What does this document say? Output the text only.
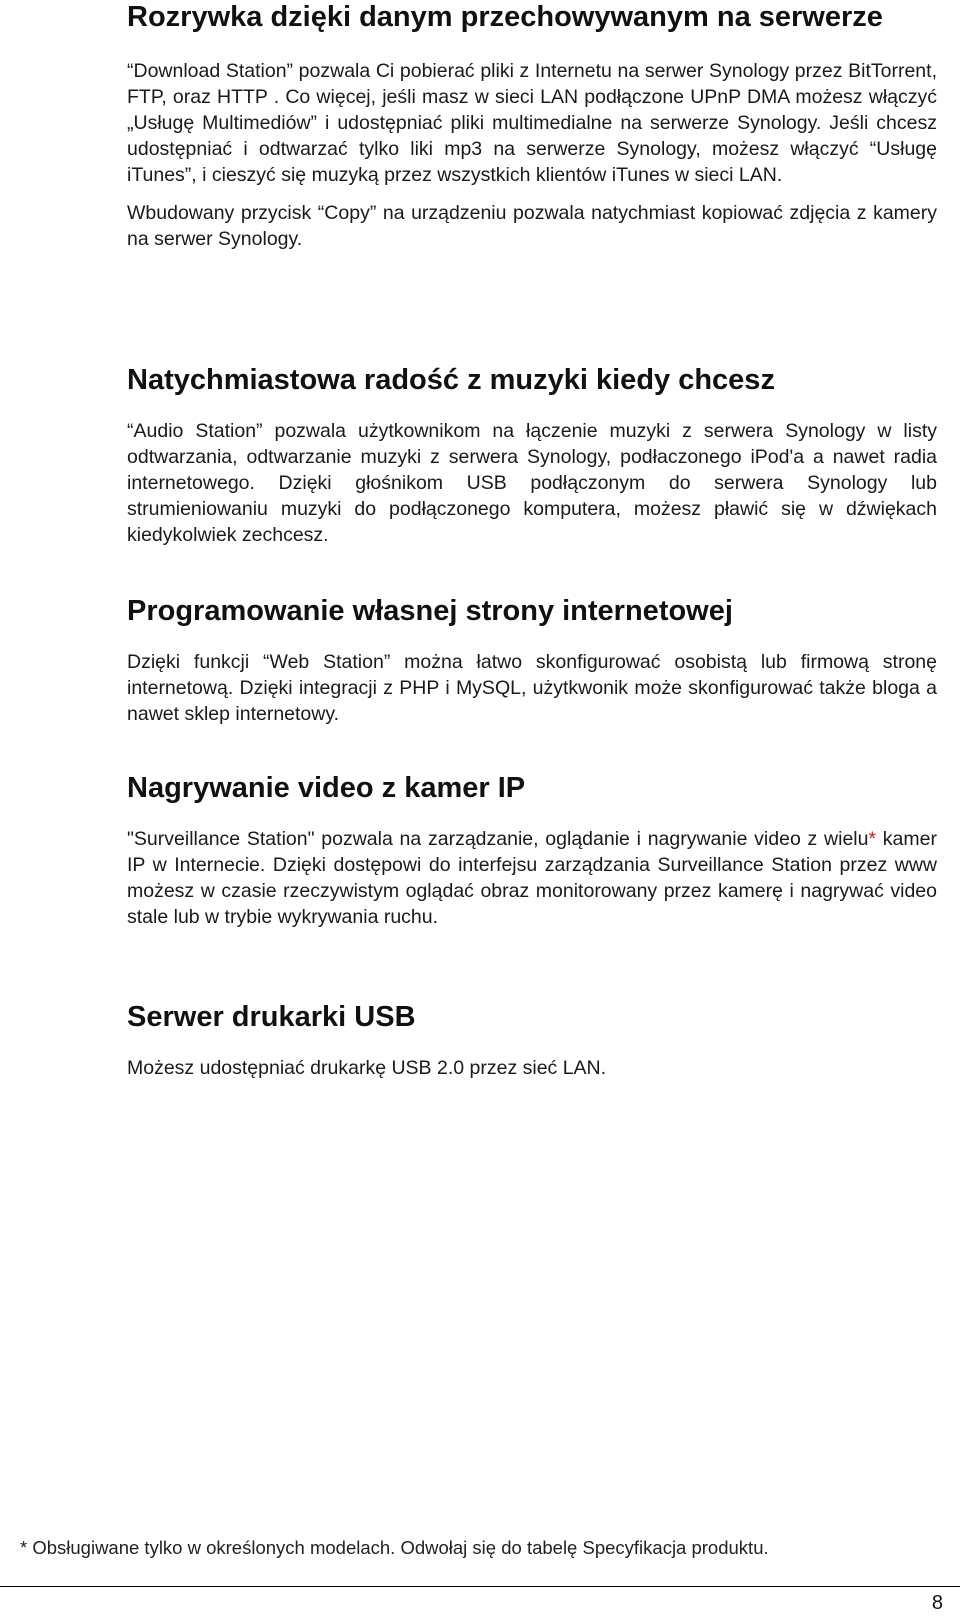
Rozrywka dzięki danym przechowywanym na serwerze

“Download Station” pozwala Ci pobierać pliki z Internetu na serwer Synology przez BitTorrent, FTP, oraz HTTP . Co więcej, jeśli masz w sieci LAN podłączone UPnP DMA możesz włączyć „Usługę Multimediów” i udostępniać pliki multimedialne na serwerze Synology. Jeśli chcesz udostępniać i odtwarzać tylko liki mp3 na serwerze Synology, możesz włączyć “Usługę iTunes”, i cieszyć się muzyką przez wszystkich klientów iTunes w sieci LAN.

Wbudowany przycisk “Copy” na urządzeniu pozwala natychmiast kopiować zdjęcia z kamery na serwer Synology.

Natychmiastowa radość z muzyki kiedy chcesz

“Audio Station” pozwala użytkownikom na łączenie muzyki z serwera Synology w listy odtwarzania, odtwarzanie muzyki z serwera Synology, podłaczonego iPod'a a nawet radia internetowego. Dzięki głośnikom USB podłączonym do serwera Synology lub strumieniowaniu muzyki do podłączonego komputera, możesz pławić się w dźwiękach kiedykolwiek zechcesz.

Programowanie własnej strony internetowej

Dzięki funkcji “Web Station” można łatwo skonfigurować osobistą lub firmową stronę internetową. Dzięki integracji z PHP i MySQL, użytkwonik może skonfigurować także bloga a nawet sklep internetowy.

Nagrywanie video z kamer IP

"Surveillance Station" pozwala na zarządzanie, oglądanie i nagrywanie video z wielu* kamer IP w Internecie. Dzięki dostępowi do interfejsu zarządzania Surveillance Station przez www możesz w czasie rzeczywistym oglądać obraz monitorowany przez kamerę i nagrywać video stale lub w trybie wykrywania ruchu.

Serwer drukarki USB

Możesz udostępniać drukarkę USB 2.0 przez sieć LAN.

* Obsługiwane tylko w określonych modelach. Odwołaj się do tabelę Specyfikacja produktu.
8
